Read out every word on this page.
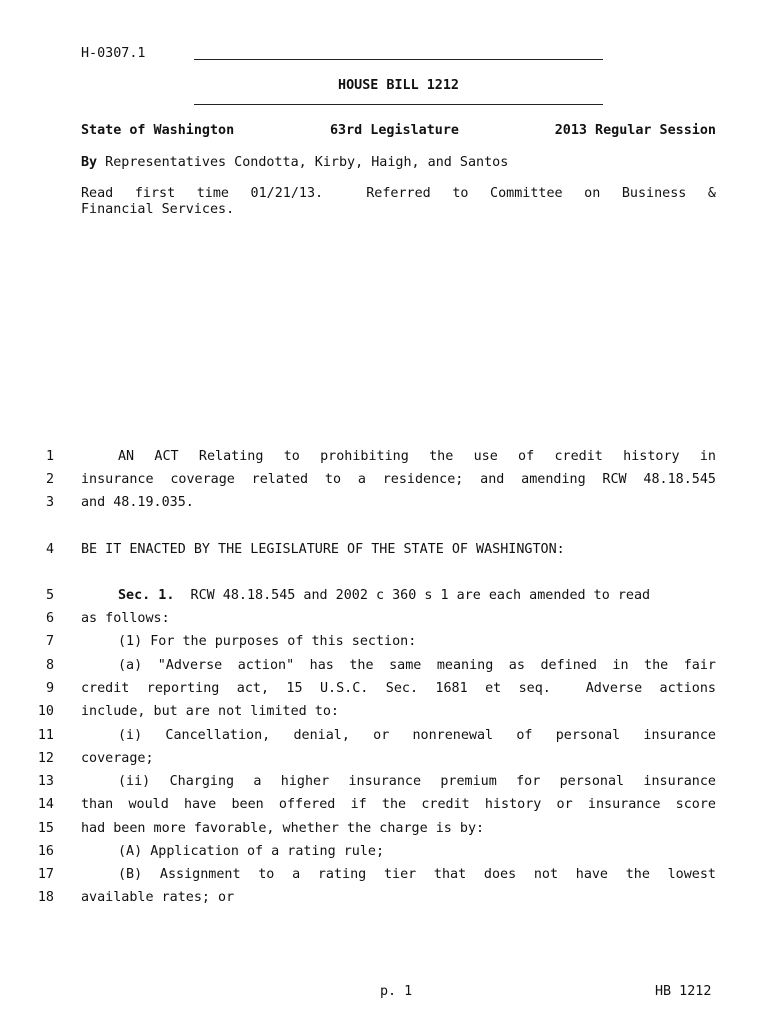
H-0307.1
HOUSE BILL 1212
State of Washington	63rd Legislature	2013 Regular Session
By Representatives Condotta, Kirby, Haigh, and Santos
Read first time 01/21/13.  Referred to Committee on Business &
Financial Services.
1	AN ACT Relating to prohibiting the use of credit history in
2 insurance coverage related to a residence; and amending RCW 48.18.545
3 and 48.19.035.
4 BE IT ENACTED BY THE LEGISLATURE OF THE STATE OF WASHINGTON:
5	Sec. 1.  RCW 48.18.545 and 2002 c 360 s 1 are each amended to read
6 as follows:
7	(1) For the purposes of this section:
8	(a) "Adverse action" has the same meaning as defined in the fair
9 credit reporting act, 15 U.S.C. Sec. 1681 et seq.  Adverse actions
10 include, but are not limited to:
11	(i) Cancellation, denial, or nonrenewal of personal insurance
12 coverage;
13	(ii) Charging a higher insurance premium for personal insurance
14 than would have been offered if the credit history or insurance score
15 had been more favorable, whether the charge is by:
16	(A) Application of a rating rule;
17	(B) Assignment to a rating tier that does not have the lowest
18 available rates; or
p. 1	HB 1212
